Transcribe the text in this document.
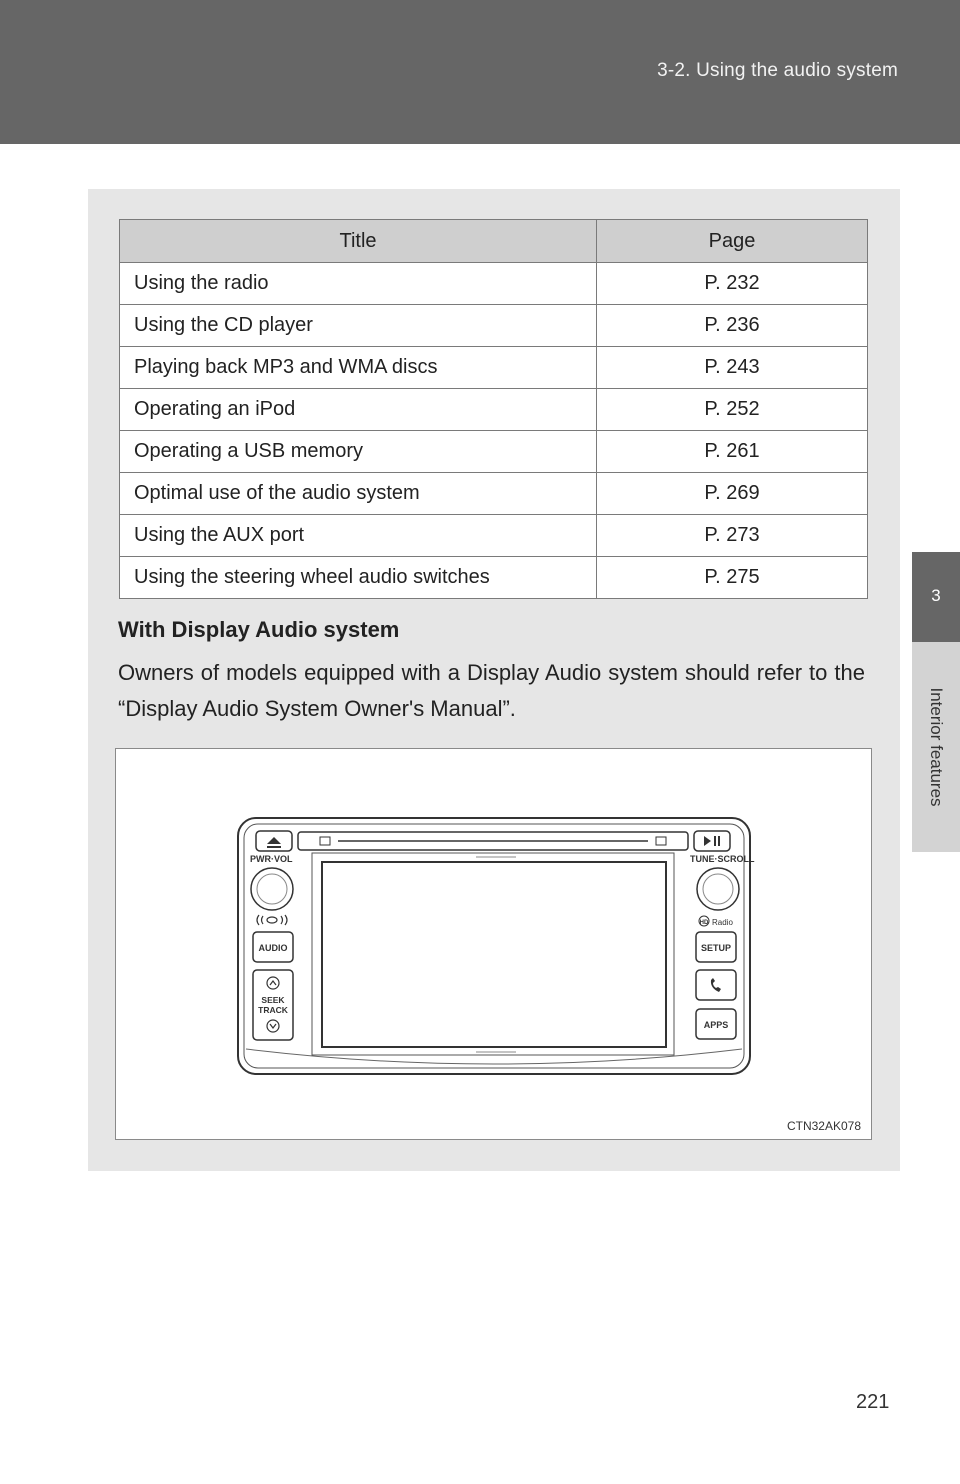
3-2. Using the audio system
3
Interior features
Title	Page
Using the radio	P. 232
Using the CD player	P. 236
Playing back MP3 and WMA discs	P. 243
Operating an iPod	P. 252
Operating a USB memory	P. 261
Optimal use of the audio system	P. 269
Using the AUX port	P. 273
Using the steering wheel audio switches	P. 275
With Display Audio system
Owners of models equipped with a Display Audio system should refer to the “Display Audio System Owner's Manual”.
PWR·VOL
AUDIO
SEEK
TRACK
TUNE·SCROLL
HD Radio
SETUP
APPS
CTN32AK078
221
